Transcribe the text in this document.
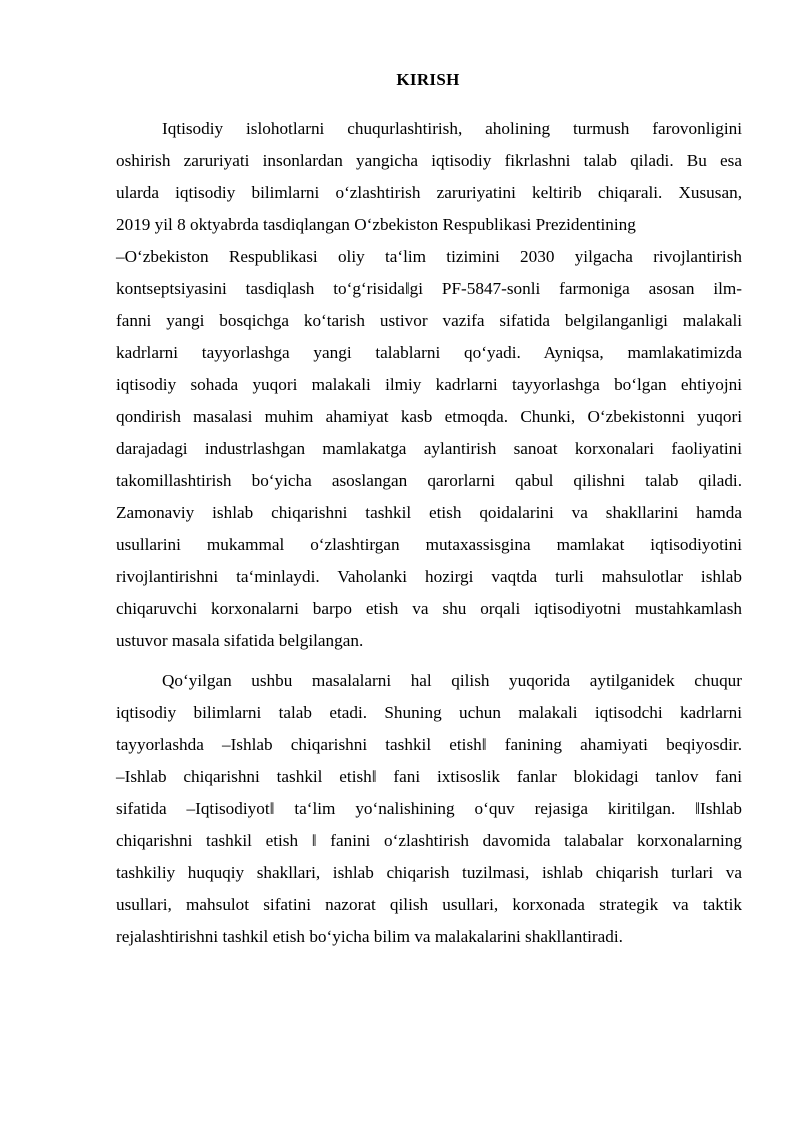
KIRISH
Iqtisodiy islohotlarni chuqurlashtirish, aholining turmush farovonligini
oshirish zaruriyati insonlardan yangicha iqtisodiy fikrlashni talab qiladi. Bu esa
ularda iqtisodiy bilimlarni o‘zlashtirish zaruriyatini keltirib chiqarali. Xususan,
2019 yil 8 oktyabrda tasdiqlangan O‘zbekiston Respublikasi Prezidentining
–O‘zbekiston Respublikasi oliy ta‘lim tizimini 2030 yilgacha rivojlantirish
kontseptsiyasini tasdiqlash to‘g‘risida‖gi PF-5847-sonli farmoniga asosan ilm-
fanni yangi bosqichga ko‘tarish ustivor vazifa sifatida belgilanganligi malakali
kadrlarni tayyorlashga yangi talablarni qo‘yadi. Ayniqsa, mamlakatimizda
iqtisodiy sohada yuqori malakali ilmiy kadrlarni tayyorlashga bo‘lgan ehtiyojni
qondirish masalasi muhim ahamiyat kasb etmoqda. Chunki, O‘zbekistonni yuqori
darajadagi industrlashgan mamlakatga aylantirish sanoat korxonalari faoliyatini
takomillashtirish bo‘yicha asoslangan qarorlarni qabul qilishni talab qiladi.
Zamonaviy ishlab chiqarishni tashkil etish qoidalarini va shakllarini hamda
usullarini mukammal o‘zlashtirgan mutaxassisgina mamlakat iqtisodiyotini
rivojlantirishni ta‘minlaydi. Vaholanki hozirgi vaqtda turli mahsulotlar ishlab
chiqaruvchi korxonalarni barpo etish va shu orqali iqtisodiyotni mustahkamlash
ustuvor masala sifatida belgilangan.
Qo‘yilgan ushbu masalalarni hal qilish yuqorida aytilganidek chuqur
iqtisodiy bilimlarni talab etadi. Shuning uchun malakali iqtisodchi kadrlarni
tayyorlashda –Ishlab chiqarishni tashkil etish‖ fanining ahamiyati beqiyosdir.
–Ishlab chiqarishni tashkil etish‖ fani ixtisoslik fanlar blokidagi tanlov fani
sifatida –Iqtisodiyot‖ ta‘lim yo‘nalishining o‘quv rejasiga kiritilgan. ‖Ishlab
chiqarishni tashkil etish ‖ fanini o‘zlashtirish davomida talabalar korxonalarning
tashkiliy huquqiy shakllari, ishlab chiqarish tuzilmasi, ishlab chiqarish turlari va
usullari, mahsulot sifatini nazorat qilish usullari, korxonada strategik va taktik
rejalashtirishni tashkil etish bo‘yicha bilim va malakalarini shakllantiradi.
